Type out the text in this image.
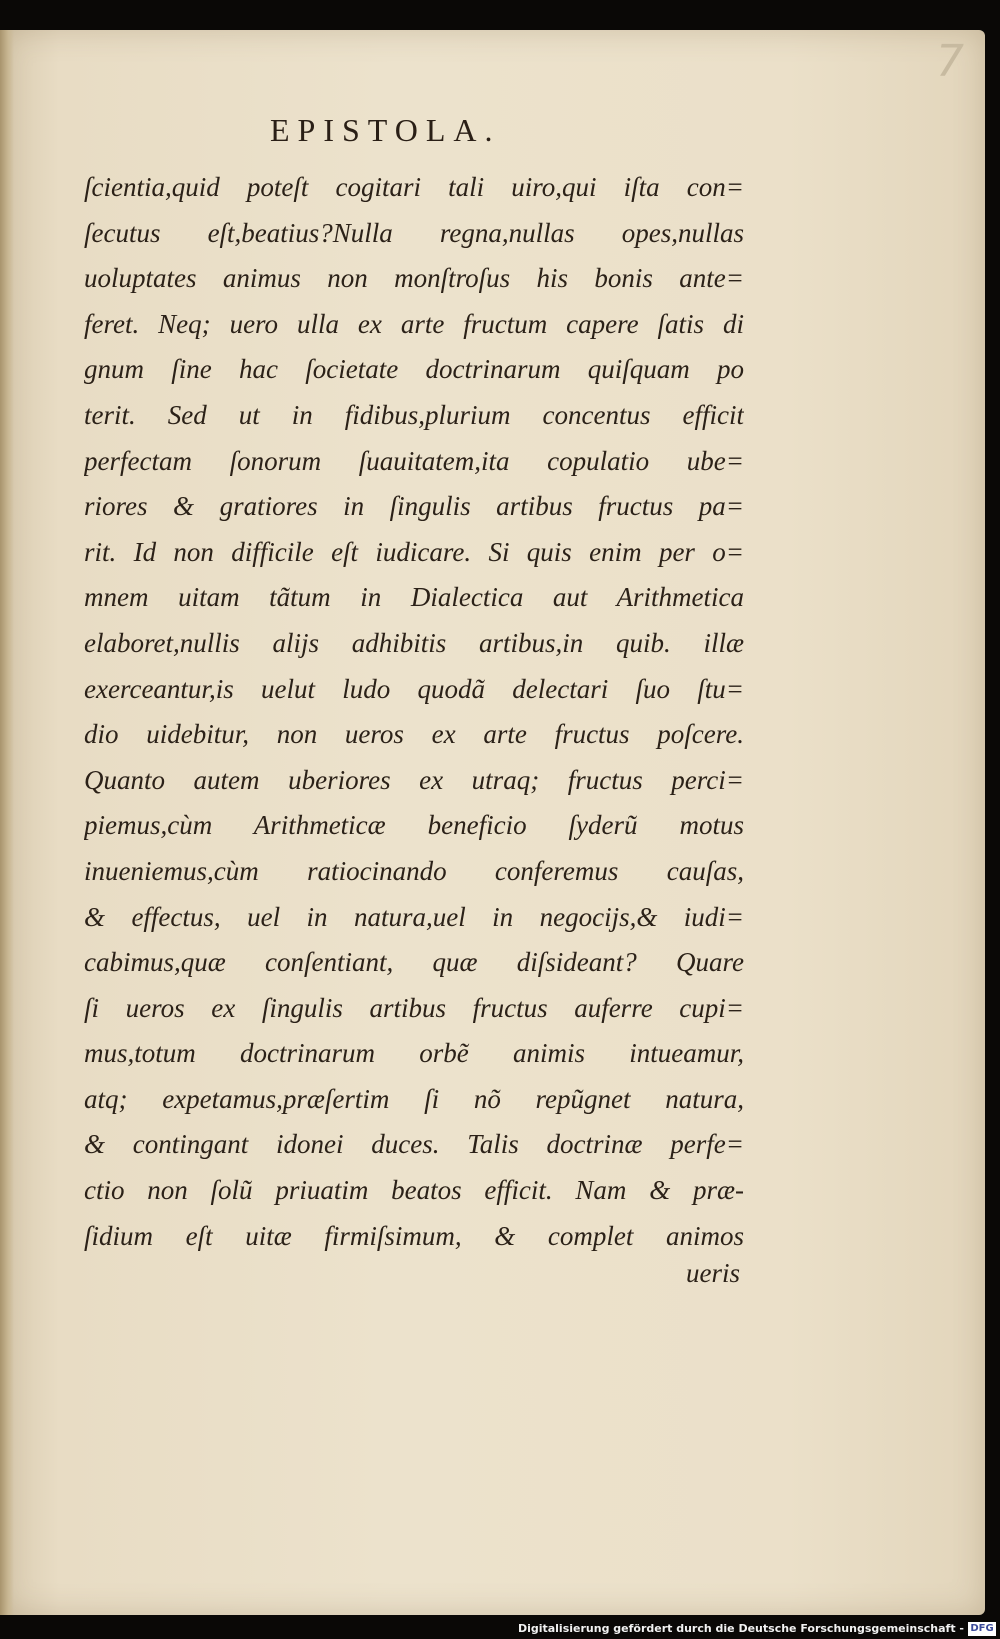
7
EPISTOLA.
ſcientia,quid poteſt cogitari tali uiro,qui iſta con=
ſecutus eſt,beatius?Nulla regna,nullas opes,nullas
uoluptates animus non monſtroſus his bonis ante=
feret. Neq; uero ulla ex arte fructum capere ſatis di
gnum ſine hac ſocietate doctrinarum quiſquam po
terit. Sed ut in fidibus,plurium concentus efficit
perfectam ſonorum ſuauitatem,ita copulatio ube=
riores & gratiores in ſingulis artibus fructus pa=
rit. Id non difficile eſt iudicare. Si quis enim per o=
mnem uitam tãtum in Dialectica aut Arithmetica
elaboret,nullis alijs adhibitis artibus,in quib. illæ
exerceantur,is uelut ludo quodã delectari ſuo ſtu=
dio uidebitur, non ueros ex arte fructus poſcere.
Quanto autem uberiores ex utraq; fructus perci=
piemus,cùm Arithmeticæ beneficio ſyderũ motus
inueniemus,cùm ratiocinando conferemus cauſas,
& effectus, uel in natura,uel in negocijs,& iudi=
cabimus,quæ conſentiant, quæ diſsideant? Quare
ſi ueros ex ſingulis artibus fructus auferre cupi=
mus,totum doctrinarum orbẽ animis intueamur,
atq; expetamus,præſertim ſi nõ repũgnet natura,
& contingant idonei duces. Talis doctrinæ perfe=
ctio non ſolũ priuatim beatos efficit. Nam & præ-
ſidium eſt uitæ firmiſsimum, & complet animos
ueris
Digitalisierung gefördert durch die Deutsche Forschungsgemeinschaft - DFG
